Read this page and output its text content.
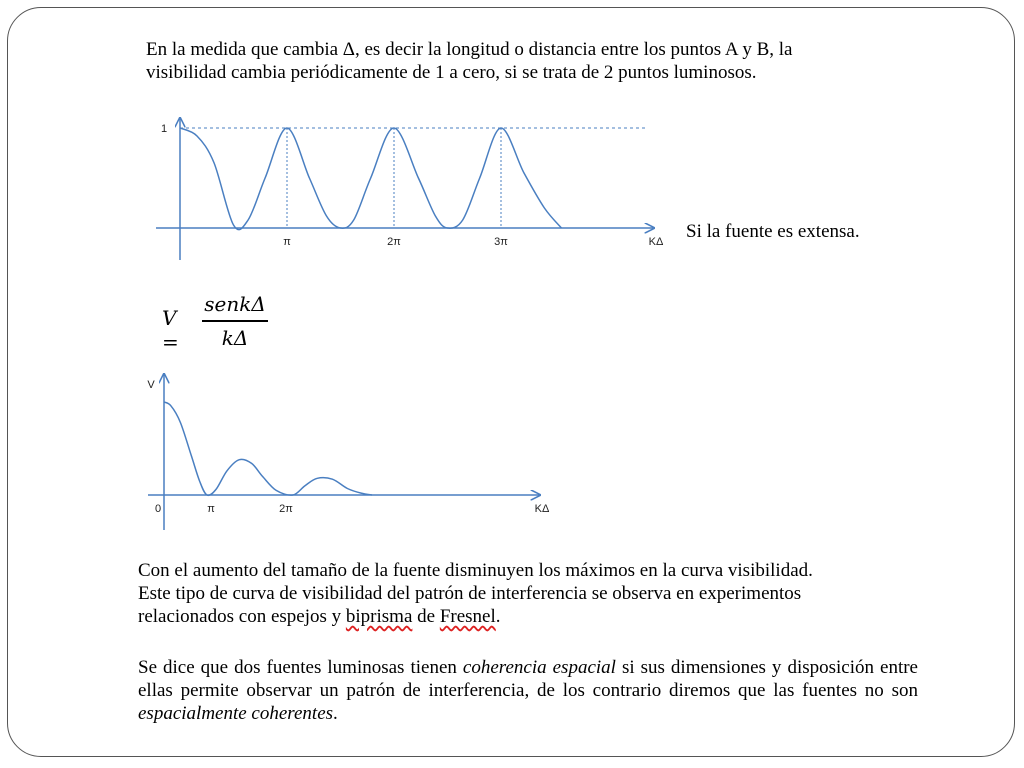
En la medida que cambia Δ, es decir la longitud o distancia entre los puntos A y B, la
visibilidad cambia periódicamente de 1 a cero, si se trata de 2 puntos luminosos.
Si la fuente es extensa.
V =
senkΔ
kΔ
π	2π	3π
1
KΔ
0	π	2π
V
KΔ
Con el aumento del tamaño de la fuente disminuyen los máximos en la curva visibilidad.
Este tipo de curva de visibilidad del patrón de interferencia se observa en experimentos
relacionados con espejos y biprisma de Fresnel.
Se dice que dos fuentes luminosas tienen coherencia espacial si sus dimensiones y disposición entre ellas permite observar un patrón de interferencia, de los contrario diremos que las fuentes no son espacialmente coherentes.
